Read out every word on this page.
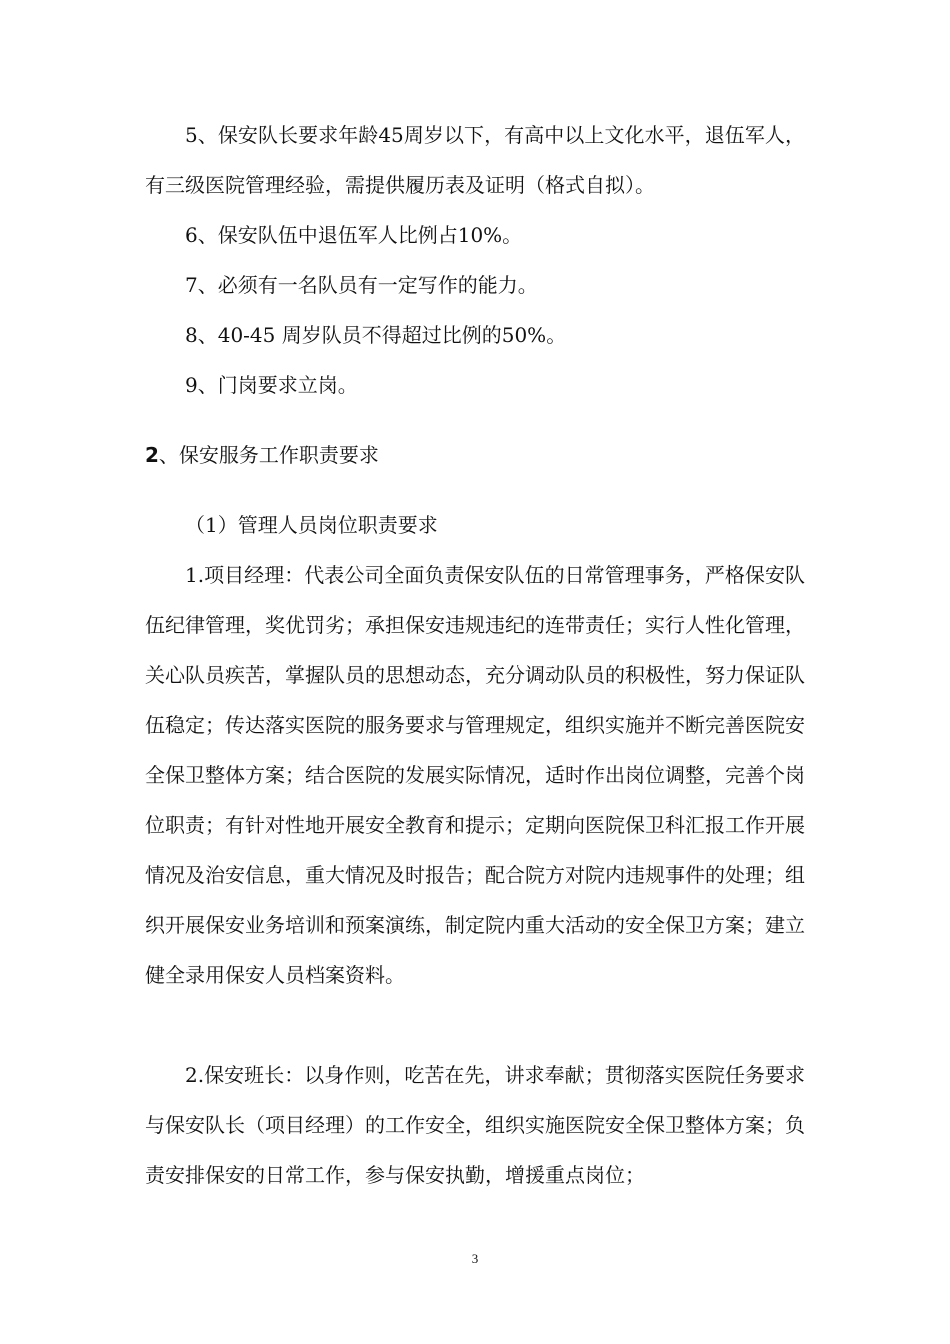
5、保安队长要求年龄45周岁以下，有高中以上文化水平，退伍军人，有三级医院管理经验，需提供履历表及证明（格式自拟）。

6、保安队伍中退伍军人比例占10%。

7、必须有一名队员有一定写作的能力。

8、40-45 周岁队员不得超过比例的50%。

9、门岗要求立岗。

2、保安服务工作职责要求

（1）管理人员岗位职责要求

1.项目经理：代表公司全面负责保安队伍的日常管理事务，严格保安队伍纪律管理，奖优罚劣；承担保安违规违纪的连带责任；实行人性化管理，关心队员疾苦，掌握队员的思想动态，充分调动队员的积极性，努力保证队伍稳定；传达落实医院的服务要求与管理规定，组织实施并不断完善医院安全保卫整体方案；结合医院的发展实际情况，适时作出岗位调整，完善个岗位职责；有针对性地开展安全教育和提示；定期向医院保卫科汇报工作开展情况及治安信息，重大情况及时报告；配合院方对院内违规事件的处理；组织开展保安业务培训和预案演练，制定院内重大活动的安全保卫方案；建立健全录用保安人员档案资料。

2.保安班长：以身作则，吃苦在先，讲求奉献；贯彻落实医院任务要求与保安队长（项目经理）的工作安全，组织实施医院安全保卫整体方案；负责安排保安的日常工作，参与保安执勤，增援重点岗位；

3
